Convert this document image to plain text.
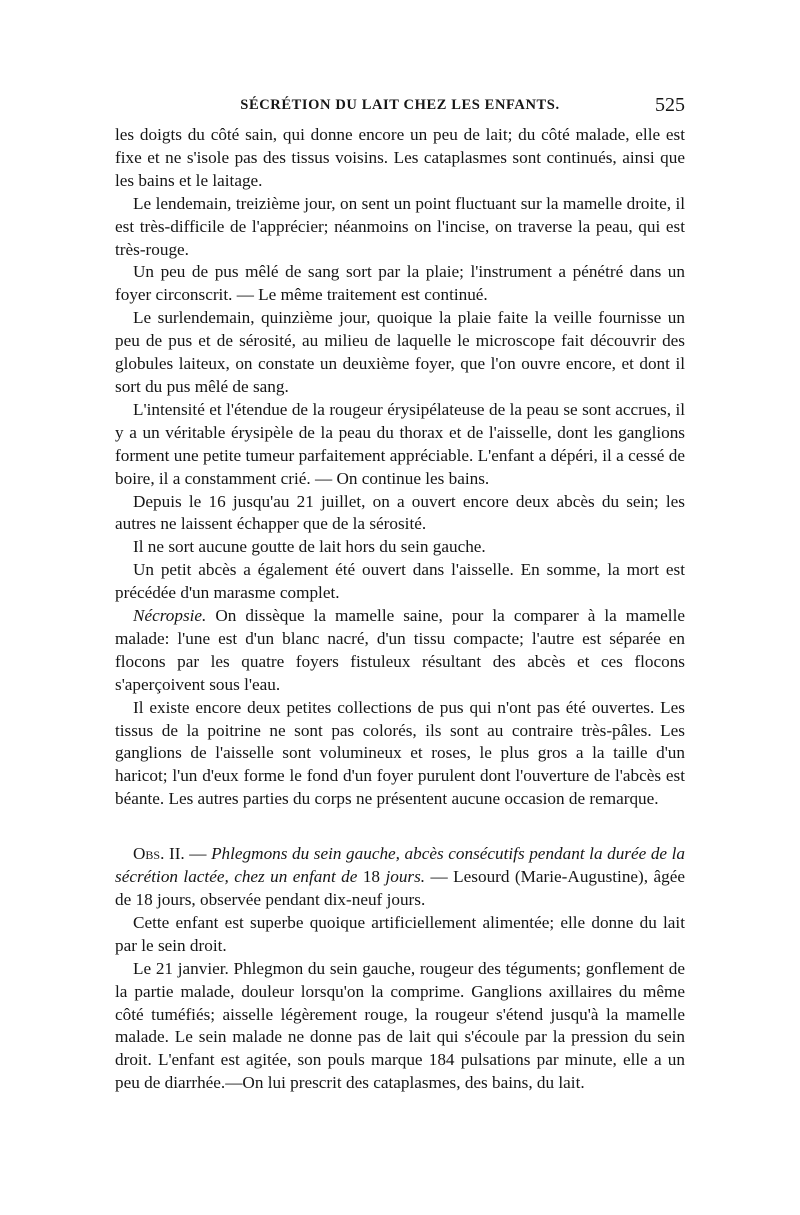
SÉCRÉTION DU LAIT CHEZ LES ENFANTS.	525

les doigts du côté sain, qui donne encore un peu de lait; du côté malade, elle est fixe et ne s'isole pas des tissus voisins. Les cataplasmes sont continués, ainsi que les bains et le laitage.

Le lendemain, treizième jour, on sent un point fluctuant sur la mamelle droite, il est très-difficile de l'apprécier; néanmoins on l'incise, on traverse la peau, qui est très-rouge.

Un peu de pus mêlé de sang sort par la plaie; l'instrument a pénétré dans un foyer circonscrit. — Le même traitement est continué.

Le surlendemain, quinzième jour, quoique la plaie faite la veille fournisse un peu de pus et de sérosité, au milieu de laquelle le microscope fait découvrir des globules laiteux, on constate un deuxième foyer, que l'on ouvre encore, et dont il sort du pus mêlé de sang.

L'intensité et l'étendue de la rougeur érysipélateuse de la peau se sont accrues, il y a un véritable érysipèle de la peau du thorax et de l'aisselle, dont les ganglions forment une petite tumeur parfaitement appréciable. L'enfant a dépéri, il a cessé de boire, il a constamment crié. — On continue les bains.

Depuis le 16 jusqu'au 21 juillet, on a ouvert encore deux abcès du sein; les autres ne laissent échapper que de la sérosité.

Il ne sort aucune goutte de lait hors du sein gauche.

Un petit abcès a également été ouvert dans l'aisselle. En somme, la mort est précédée d'un marasme complet.

Nécropsie. On dissèque la mamelle saine, pour la comparer à la mamelle malade: l'une est d'un blanc nacré, d'un tissu compacte; l'autre est séparée en flocons par les quatre foyers fistuleux résultant des abcès et ces flocons s'aperçoivent sous l'eau.

Il existe encore deux petites collections de pus qui n'ont pas été ouvertes. Les tissus de la poitrine ne sont pas colorés, ils sont au contraire très-pâles. Les ganglions de l'aisselle sont volumineux et roses, le plus gros a la taille d'un haricot; l'un d'eux forme le fond d'un foyer purulent dont l'ouverture de l'abcès est béante. Les autres parties du corps ne présentent aucune occasion de remarque.

Obs. II. — Phlegmons du sein gauche, abcès consécutifs pendant la durée de la sécrétion lactée, chez un enfant de 18 jours. — Lesourd (Marie-Augustine), âgée de 18 jours, observée pendant dix-neuf jours.

Cette enfant est superbe quoique artificiellement alimentée; elle donne du lait par le sein droit.

Le 21 janvier. Phlegmon du sein gauche, rougeur des téguments; gonflement de la partie malade, douleur lorsqu'on la comprime. Ganglions axillaires du même côté tuméfiés; aisselle légèrement rouge, la rougeur s'étend jusqu'à la mamelle malade. Le sein malade ne donne pas de lait qui s'écoule par la pression du sein droit. L'enfant est agitée, son pouls marque 184 pulsations par minute, elle a un peu de diarrhée.—On lui prescrit des cataplasmes, des bains, du lait.
